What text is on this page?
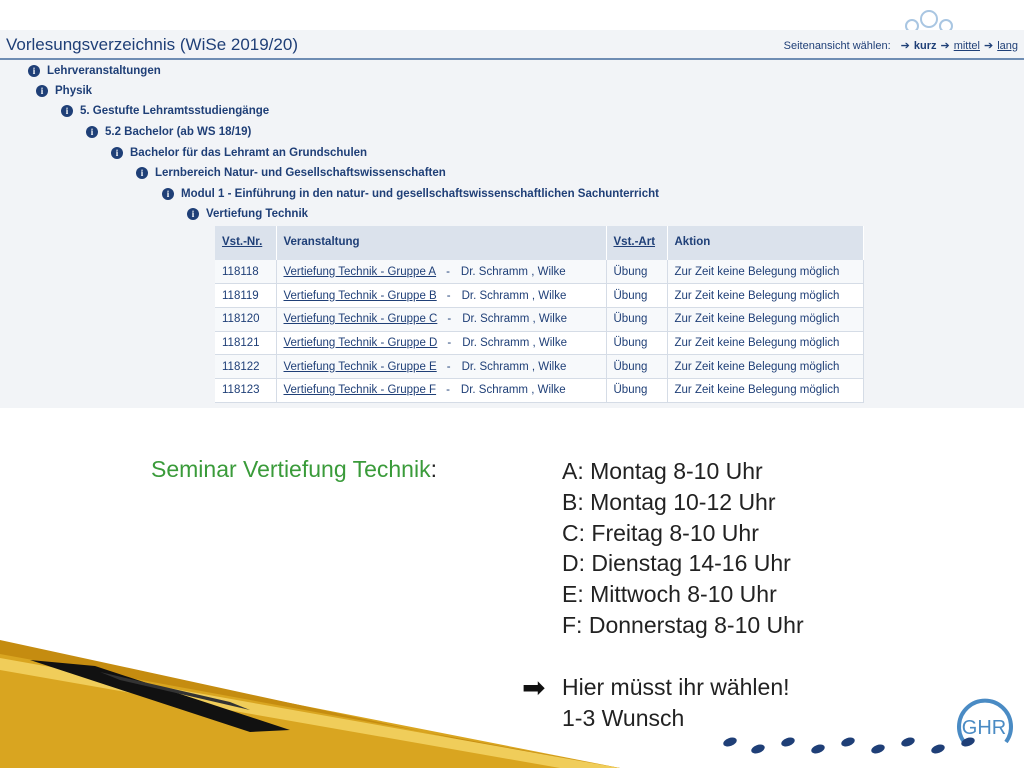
Vorlesungsverzeichnis (WiSe 2019/20)	Seitenansicht wählen: ➔ kurz ➔ mittel ➔ lang
i	Lehrveranstaltungen
i	Physik
i	5. Gestufte Lehramtsstudiengänge
i	5.2 Bachelor (ab WS 18/19)
i	Bachelor für das Lehramt an Grundschulen
i	Lernbereich Natur- und Gesellschaftswissenschaften
i	Modul 1 - Einführung in den natur- und gesellschaftswissenschaftlichen Sachunterricht
i	Vertiefung Technik
Vst.-Nr.	Veranstaltung	Vst.-Art	Aktion
118118	Vertiefung Technik - Gruppe A - Dr. Schramm , Wilke	Übung	Zur Zeit keine Belegung möglich
118119	Vertiefung Technik - Gruppe B - Dr. Schramm , Wilke	Übung	Zur Zeit keine Belegung möglich
118120	Vertiefung Technik - Gruppe C - Dr. Schramm , Wilke	Übung	Zur Zeit keine Belegung möglich
118121	Vertiefung Technik - Gruppe D - Dr. Schramm , Wilke	Übung	Zur Zeit keine Belegung möglich
118122	Vertiefung Technik - Gruppe E - Dr. Schramm , Wilke	Übung	Zur Zeit keine Belegung möglich
118123	Vertiefung Technik - Gruppe F - Dr. Schramm , Wilke	Übung	Zur Zeit keine Belegung möglich
Seminar Vertiefung Technik:	A: Montag 8-10 Uhr
B: Montag 10-12 Uhr
C: Freitag 8-10 Uhr
D: Dienstag 14-16 Uhr
E: Mittwoch 8-10 Uhr
F: Donnerstag 8-10 Uhr
➡ Hier müsst ihr wählen!
1-3 Wunsch	GHR
